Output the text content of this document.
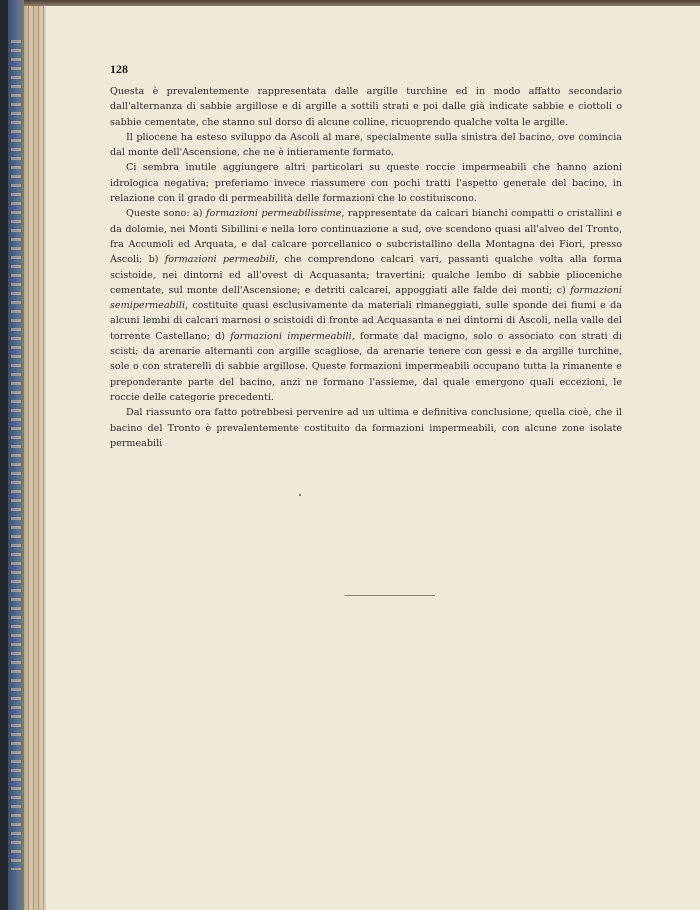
128

Questa è prevalentemente rappresentata dalle argille turchine ed in modo affatto secondario dall'alternanza di sabbie argillose e di argille a sottili strati e poi dalle già indicate sabbie e ciottoli o sabbie cementate, che stanno sul dorso di alcune colline, ricuoprendo qualche volta le argille.

Il pliocene ha esteso sviluppo da Ascoli al mare, specialmente sulla sinistra del bacino, ove comincia dal monte dell'Ascensione, che ne è intieramente formato.

Ci sembra inutile aggiungere altri particolari su queste roccie impermeabili che hanno azioni idrologica negativa; preferiamo invece riassumere con pochi tratti l'aspetto generale del bacino, in relazione con il grado di permeabilità delle formazioni che lo costituiscono.

Queste sono: a) formazioni permeabilissime, rappresentate da calcari bianchi compatti o cristallini e da dolomie, nei Monti Sibillini e nella loro continuazione a sud, ove scendono quasi all'alveo del Tronto, fra Accumoli ed Arquata, e dal calcare porcellanico o subcristallino della Montagna dei Fiori, presso Ascoli; b) formazioni permeabili, che comprendono calcari vari, passanti qualche volta alla forma scistoide, nei dintorni ed all'ovest di Acquasanta; travertini; qualche lembo di sabbie plioceniche cementate, sul monte dell'Ascensione; e detriti calcarei, appoggiati alle falde dei monti; c) formazioni semipermeabili, costituite quasi esclusivamente da materiali rimaneggiati, sulle sponde dei fiumi e da alcuni lembi di calcari marnosi o scistoidi di fronte ad Acquasanta e nei dintorni di Ascoli, nella valle del torrente Castellano; d) formazioni impermeabili, formate dal macigno, solo o associato con strati di scisti; da arenarie alternanti con argille scagliose, da arenarie tenere con gessi e da argille turchine, sole o con straterelli di sabbie argillose. Queste formazioni impermeabili occupano tutta la rimanente e preponderante parte del bacino, anzi ne formano l'assieme, dal quale emergono quali eccezioni, le roccie delle categorie precedenti.

Dal riassunto ora fatto potrebbesi pervenire ad un ultima e definitiva conclusione, quella cioè, che il bacino del Tronto è prevalentemente costituito da formazioni impermeabili, con alcune zone isolate permeabili
